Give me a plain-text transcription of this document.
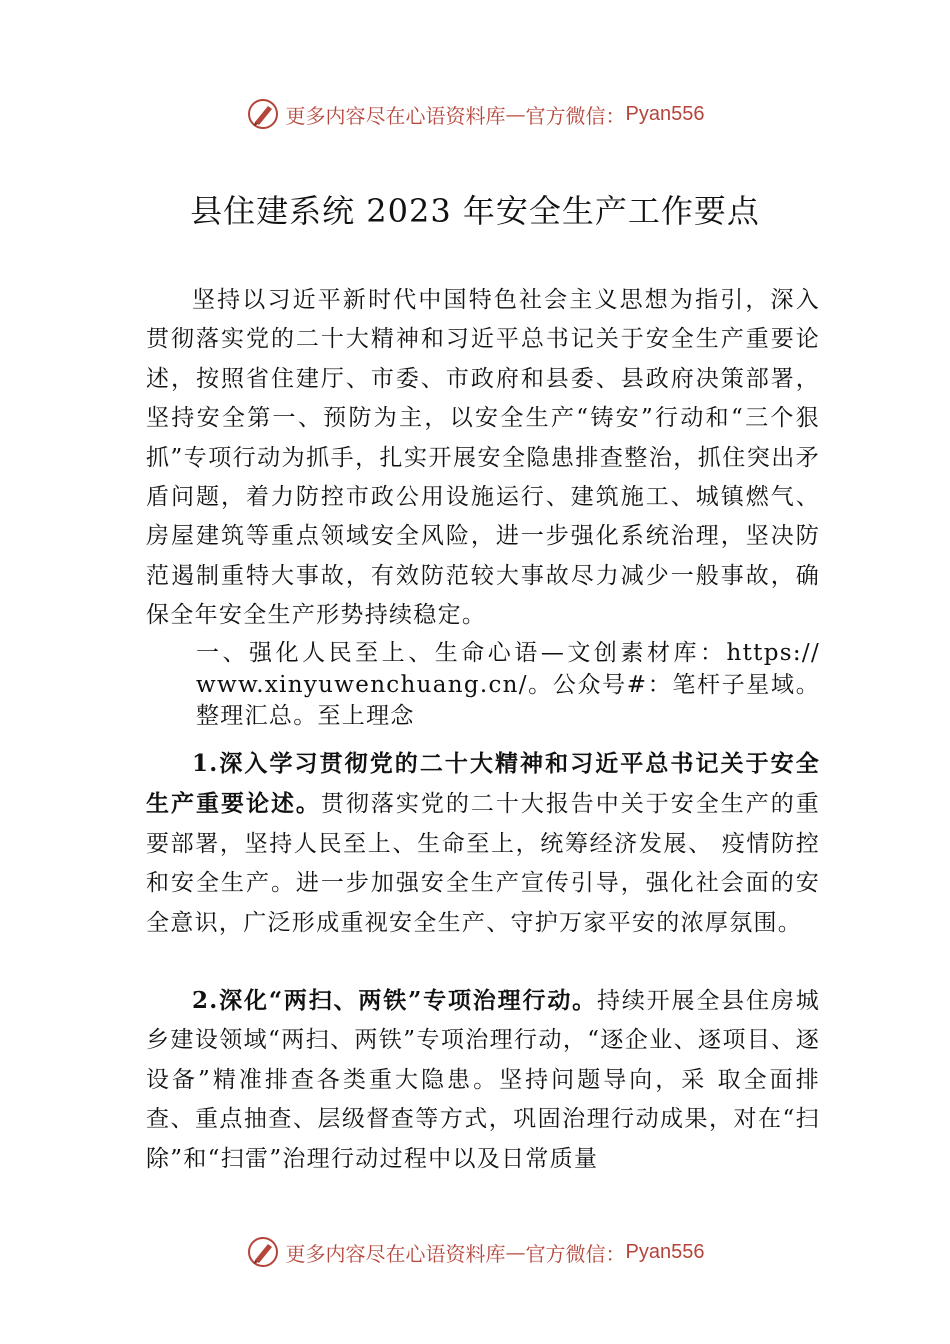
更多内容尽在心语资料库 — 官方微信： Pyan556
县住建系统 2023 年安全生产工作要点
坚持以习近平新时代中国特色社会主义思想为指引，深入贯彻落实党的二十大精神和习近平总书记关于安全生产重要论述，按照省住建厅、市委、市政府和县委、县政府决策部署，坚持安全第一、预防为主，以安全生产“铸安”行动和“三个狠抓”专项行动为抓手，扎实开展安全隐患排查整治，抓住突出矛盾问题，着力防控市政公用设施运行、建筑施工、城镇燃气、房屋建筑等重点领域安全风险，进一步强化系统治理，坚决防范遏制重特大事故，有效防范较大事故尽力减少一般事故，确保全年安全生产形势持续稳定。
一、强化人民至上、生命心语—文创素材库：https:// www.xinyuwenchuang.cn/。公众号#：笔杆子星域。整理汇总。至上理念
1.深入学习贯彻党的二十大精神和习近平总书记关于安全生产重要论述。贯彻落实党的二十大报告中关于安全生产的重要部署，坚持人民至上、生命至上，统筹经济发展、 疫情防控和安全生产。进一步加强安全生产宣传引导，强化社会面的安全意识，广泛形成重视安全生产、守护万家平安的浓厚氛围。
2.深化“两扫、两铁”专项治理行动。持续开展全县住房城乡建设领域“两扫、两铁”专项治理行动，“逐企业、逐项目、逐设备”精准排查各类重大隐患。坚持问题导向，采 取全面排查、重点抽查、层级督查等方式，巩固治理行动成果，对在“扫除”和“扫雷”治理行动过程中以及日常质量
更多内容尽在心语资料库 — 官方微信： Pyan556
